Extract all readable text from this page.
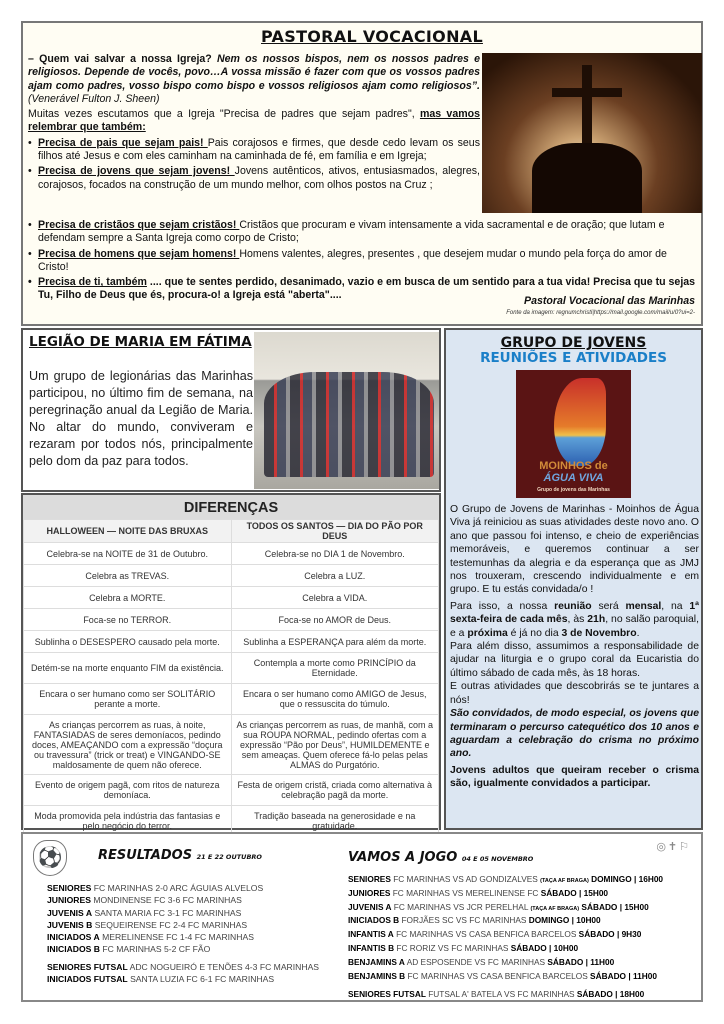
PASTORAL VOCACIONAL

– Quem vai salvar a nossa Igreja? Nem os nossos bispos, nem os nossos padres e religiosos. Depende de vocês, povo…A vossa missão é fazer com que os vossos padres ajam como padres, vosso bispo como bispo e vossos religiosos ajam como religiosos”. (Venerável Fulton J. Sheen)

Muitas vezes escutamos que a Igreja "Precisa de padres que sejam padres", mas vamos relembrar que também:

• Precisa de pais que sejam pais! Pais corajosos e firmes, que desde cedo levam os seus filhos até Jesus e com eles caminham na caminhada de fé, em família e em Igreja;

• Precisa de jovens que sejam jovens! Jovens autênticos, ativos, entusiasmados, alegres, corajosos, focados na construção de um mundo melhor, com olhos postos na Cruz ;

• Precisa de cristãos que sejam cristãos! Cristãos que procuram e vivam intensamente a vida sacramental e de oração; que lutam e defendam sempre a Santa Igreja como corpo de Cristo;

• Precisa de homens que sejam homens! Homens valentes, alegres, presentes , que desejem mudar o mundo pela força do amor de Cristo!

• Precisa de ti, também .... que te sentes perdido, desanimado, vazio e em busca de um sentido para a tua vida! Precisa que tu sejas Tu, Filho de Deus que és, procura-o! a Igreja está "aberta"....	Pastoral Vocacional das Marinhas
Fonte da imagem: regnumchristi|https://mail.google.com/mail/u/0?ui=2-
LEGIÃO DE MARIA EM FÁTIMA

Um grupo de legionárias das Marinhas participou, no último fim de semana, na peregrinação anual da Legião de Maria. No altar do mundo, conviveram e rezaram por todos nós, principalmente pelo dom da paz para todos.

GRUPO DE JOVENS
REUNIÕES E ATIVIDADES
MOINHOS de
ÁGUA VIVA
Grupo de jovens das Marinhas

O Grupo de Jovens de Marinhas - Moinhos de Água Viva já reiniciou as suas atividades deste novo ano. O ano que passou foi intenso, e cheio de experiências memoráveis, e queremos continuar a ser testemunhas da alegria e da esperança que as JMJ nos trouxeram, crescendo individualmente e em grupo. E tu estás convidada/o !

Para isso, a nossa reunião será mensal, na 1ª sexta-feira de cada mês, às 21h, no salão paroquial, e a próxima é já no dia 3 de Novembro.

Para além disso, assumimos a responsabilidade de ajudar na liturgia e o grupo coral da Eucaristia do último sábado de cada mês, às 18 horas.

E outras atividades que descobrirás se te juntares a nós!

São convidados, de modo especial, os jovens que terminaram o percurso catequético dos 10 anos e aguardam a celebração do crisma no próximo ano.

Jovens adultos que queiram receber o crisma são, igualmente convidados a participar.

DIFERENÇAS	
HALLOWEEN — NOITE DAS BRUXAS	TODOS OS SANTOS — DIA DO PÃO POR DEUS
Celebra-se na NOITE de 31 de Outubro.	Celebra-se no DIA 1 de Novembro.
Celebra as TREVAS.	Celebra a LUZ.
Celebra a MORTE.	Celebra a VIDA.
Foca-se no TERROR.	Foca-se no AMOR de Deus.
Sublinha o DESESPERO causado pela morte.	Sublinha a ESPERANÇA para além da morte.
Detém-se na morte enquanto FIM da existência.	Contempla a morte como PRINCÍPIO da Eternidade.
Encara o ser humano como ser SOLITÁRIO perante a morte.	Encara o ser humano como AMIGO de Jesus, que o ressuscita do túmulo.
As crianças percorrem as ruas, à noite, FANTASIADAS de seres demoníacos, pedindo doces, AMEAÇANDO com a expressão “doçura ou travessura” (trick or treat) e VINGANDO-SE maldosamente de quem não oferece.	As crianças percorrem as ruas, de manhã, com a sua ROUPA NORMAL, pedindo ofertas com a expressão “Pão por Deus”, HUMILDEMENTE e sem ameaças. Quem oferece fá-lo pelas pelas ALMAS do Purgatório.
Evento de origem pagã, com ritos de natureza demoníaca.	Festa de origem cristã, criada como alternativa à celebração pagã da morte.
Moda promovida pela indústria das fantasias e pelo negócio do terror.	Tradição baseada na generosidade e na gratuidade.
⚽	RESULTADOS 21 E 22 OUTUBRO
SENIORES FC MARINHAS 2-0 ARC ÁGUIAS ALVELOS
JUNIORES MONDINENSE FC 3-6 FC MARINHAS
JUVENIS A SANTA MARIA FC 3-1 FC MARINHAS
JUVENIS B SEQUEIRENSE FC 2-4 FC MARINHAS
INICIADOS A MERELINENSE FC 1-4 FC MARINHAS
INICIADOS B FC MARINHAS 5-2 CF FÃO
SENIORES FUTSAL ADC NOGUEIRÓ E TENÕES 4-3 FC MARINHAS
INICIADOS FUTSAL SANTA LUZIA FC 6-1 FC MARINHAS
◎✝⚐
VAMOS A JOGO 04 E 05 NOVEMBRO
SENIORES FC MARINHAS VS AD GONDIZALVES (TAÇA AF BRAGA) DOMINGO | 16H00
JUNIORES FC MARINHAS VS MERELINENSE FC SÁBADO | 15H00
JUVENIS A FC MARINHAS VS JCR PERELHAL (TAÇA AF BRAGA) SÁBADO | 15H00
INICIADOS B FORJÃES SC VS FC MARINHAS DOMINGO | 10H00
INFANTIS A FC MARINHAS VS CASA BENFICA BARCELOS SÁBADO | 9H30
INFANTIS B FC RORIZ VS FC MARINHAS SÁBADO | 10H00
BENJAMINS A AD ESPOSENDE VS FC MARINHAS SÁBADO | 11H00
BENJAMINS B FC MARINHAS VS CASA BENFICA BARCELOS SÁBADO | 11H00
SENIORES FUTSAL FUTSAL A' BATELA VS FC MARINHAS SÁBADO | 18H00
